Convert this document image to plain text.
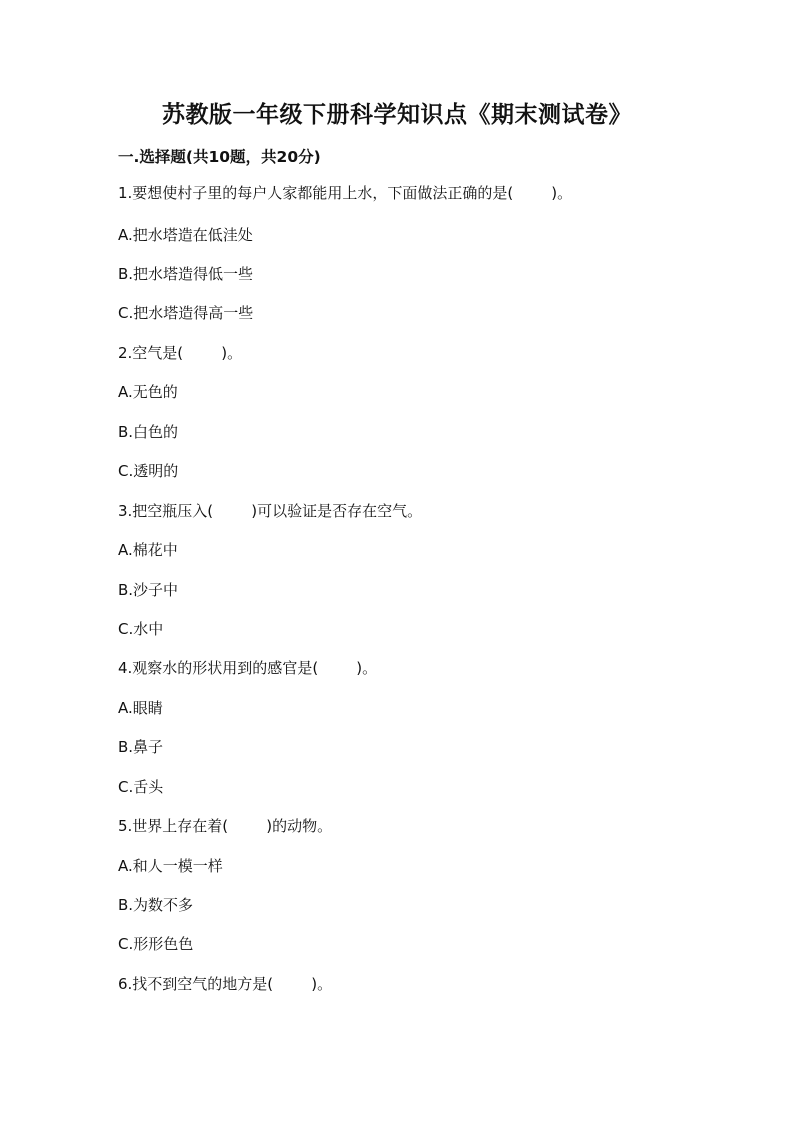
苏教版一年级下册科学知识点《期末测试卷》
一.选择题(共10题，共20分)
1.要想使村子里的每户人家都能用上水，下面做法正确的是(        )。
A.把水塔造在低洼处
B.把水塔造得低一些
C.把水塔造得高一些
2.空气是(        )。
A.无色的
B.白色的
C.透明的
3.把空瓶压入(        )可以验证是否存在空气。
A.棉花中
B.沙子中
C.水中
4.观察水的形状用到的感官是(        )。
A.眼睛
B.鼻子
C.舌头
5.世界上存在着(        )的动物。
A.和人一模一样
B.为数不多
C.形形色色
6.找不到空气的地方是(        )。
